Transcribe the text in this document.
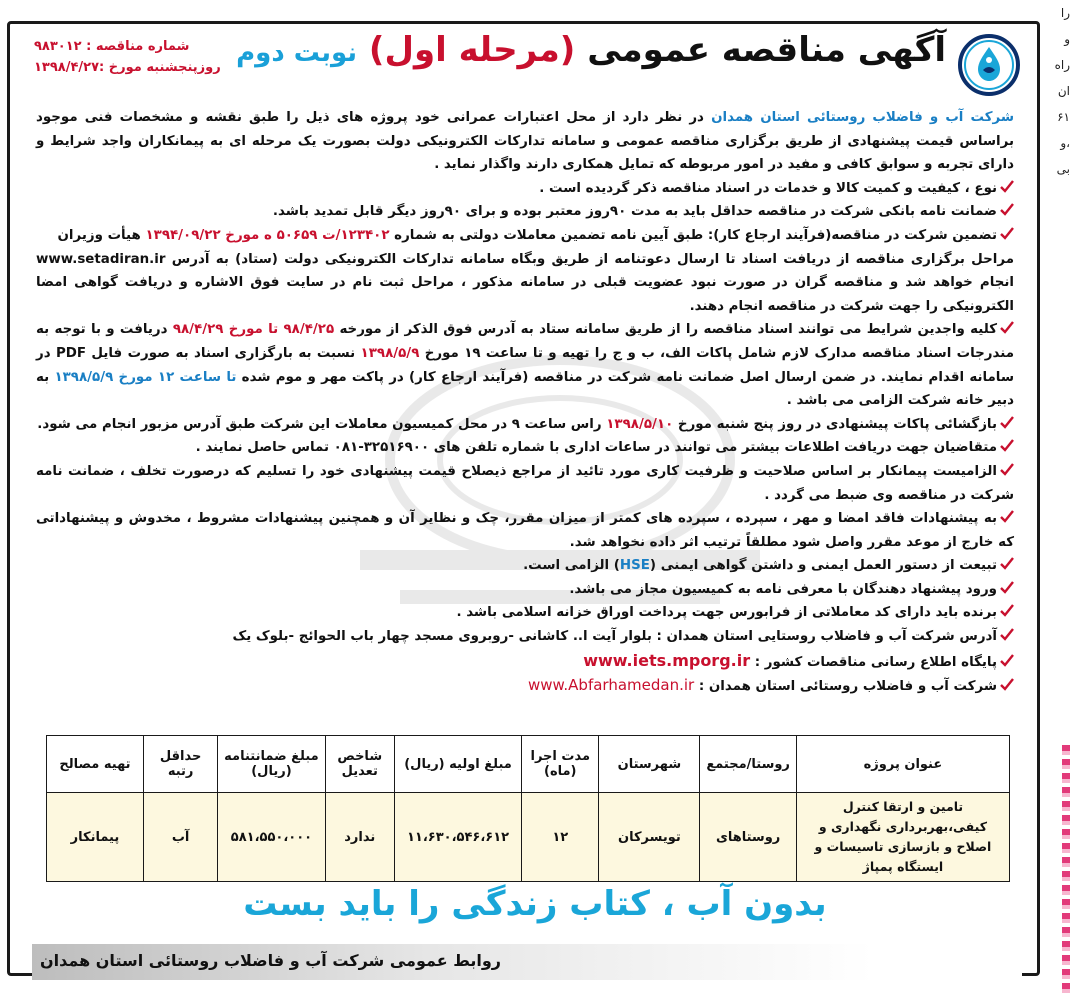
را
و
راه
ان
۶۱
و،
بی
آگهی مناقصه عمومی (مرحله اول) نوبت دوم
شماره مناقصه : ۹۸۳۰۱۲
روزپنجشنبه مورخ :۱۳۹۸/۴/۲۷

شرکت آب و فاضلاب روستائی استان همدان در نظر دارد از محل اعتبارات عمرانی خود پروژه های ذیل را طبق نقشه و مشخصات فنی موجود براساس قیمت پیشنهادی از طریق برگزاری مناقصه عمومی و سامانه تدارکات الکترونیکی دولت بصورت یک مرحله ای به پیمانکاران واجد شرایط و دارای تجربه و سوابق کافی و مفید در امور مربوطه که تمایل همکاری دارند واگذار نماید .

نوع ، کیفیت و کمیت کالا و خدمات در اسناد مناقصه ذکر گردیده است .

ضمانت نامه بانکی شرکت در مناقصه حداقل باید به مدت ۹۰روز معتبر بوده و برای ۹۰روز دیگر قابل تمدید باشد.

تضمین شرکت در مناقصه(فرآیند ارجاع کار): طبق آیین نامه تضمین معاملات دولتی به شماره ۱۲۳۴۰۲/ت ۵۰۶۵۹ ه مورخ ۱۳۹۴/۰۹/۲۲ هیأت وزیران

مراحل برگزاری مناقصه از دریافت اسناد تا ارسال دعوتنامه از طریق وبگاه سامانه تدارکات الکترونیکی دولت (ستاد) به آدرس www.setadiran.ir انجام خواهد شد و مناقصه گران در صورت نبود عضویت قبلی در سامانه مذکور ، مراحل ثبت نام در سایت فوق الاشاره و دریافت گواهی امضا الکترونیکی را جهت شرکت در مناقصه انجام دهند.

کلیه واجدین شرایط می توانند اسناد مناقصه را از طریق سامانه ستاد به آدرس فوق الذکر از مورخه ۹۸/۴/۲۵ تا مورخ ۹۸/۴/۲۹ دریافت و با توجه به مندرجات اسناد مناقصه مدارک لازم شامل پاکات الف، ب و ج را تهیه و تا ساعت ۱۹ مورخ ۱۳۹۸/۵/۹ نسبت به بارگزاری اسناد به صورت فایل PDF در سامانه اقدام نمایند. در ضمن ارسال اصل ضمانت نامه شرکت در مناقصه (فرآیند ارجاع کار) در پاکت مهر و موم شده تا ساعت ۱۲ مورخ ۱۳۹۸/۵/۹ به دبیر خانه شرکت الزامی می باشد .

بازگشائی پاکات پیشنهادی در روز پنج شنبه مورخ ۱۳۹۸/۵/۱۰ راس ساعت ۹ در محل کمیسیون معاملات این شرکت طبق آدرس مزبور انجام می شود.

متقاضیان جهت دریافت اطلاعات بیشتر می توانند در ساعات اداری با شماره تلفن های ۳۲۵۱۶۹۰۰-۰۸۱ تماس حاصل نمایند .

الزامیست پیمانکار بر اساس صلاحیت و ظرفیت کاری مورد تائید از مراجع ذیصلاح قیمت پیشنهادی خود را تسلیم که درصورت تخلف ، ضمانت نامه شرکت در مناقصه وی ضبط می گردد .

به پیشنهادات فاقد امضا و مهر ، سپرده ، سپرده های کمتر از میزان مقرر، چک و نظایر آن و همچنین پیشنهادات مشروط ، مخدوش و پیشنهاداتی که خارج از موعد مقرر واصل شود مطلقاً ترتیب اثر داده نخواهد شد.

تبیعت از دستور العمل ایمنی و داشتن گواهی ایمنی (HSE) الزامی است.

ورود پیشنهاد دهندگان با معرفی نامه به کمیسیون مجاز می باشد.

برنده باید دارای کد معاملاتی از فرابورس جهت پرداخت اوراق خزانه اسلامی باشد .

آدرس شرکت آب و فاضلاب روستایی استان همدان : بلوار آیت ا.. کاشانی -روبروی مسجد چهار باب الحوائج -بلوک یک

پایگاه اطلاع رسانی مناقصات کشور : www.iets.mporg.ir

شرکت آب و فاضلاب روستائی استان همدان : www.Abfarhamedan.ir

عنوان پروژه	روستا/مجتمع	شهرستان	مدت اجرا (ماه)	مبلغ اولیه (ریال)	شاخص تعدیل	مبلغ ضمانتنامه (ریال)	حداقل رتبه	تهیه مصالح
تامین و ارتقا کنترل کیفی،بهربرداری نگهداری و اصلاح و بازسازی تاسیسات و ایستگاه پمپاژ	روستاهای	تویسرکان	۱۲	۱۱،۶۳۰،۵۴۶،۶۱۲	ندارد	۵۸۱،۵۵۰،۰۰۰	آب	پیمانکار
بدون آب ، کتاب زندگی را باید بست
روابط عمومی شرکت آب و فاضلاب روستائی استان همدان
